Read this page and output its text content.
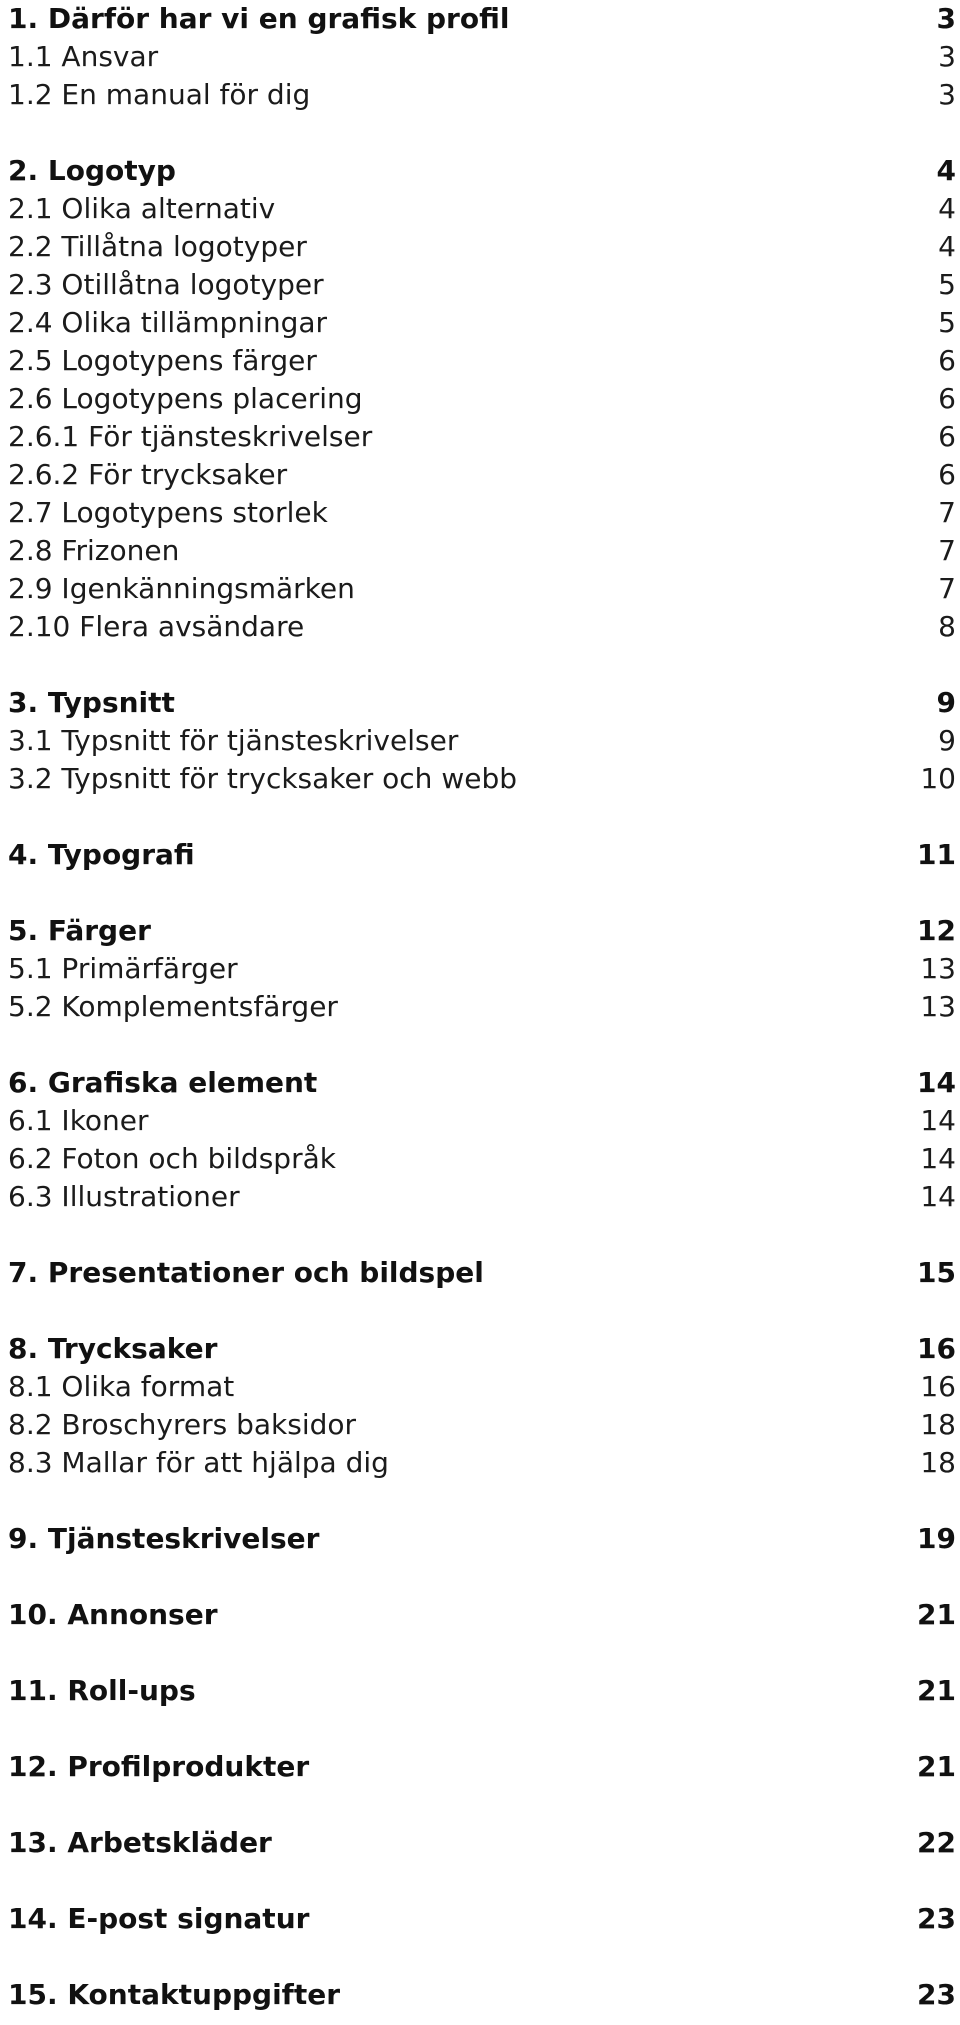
1. Därför har vi en grafisk profil	3
1.1 Ansvar	3
1.2 En manual för dig	3
2. Logotyp	4
2.1 Olika alternativ	4
2.2 Tillåtna logotyper	4
2.3 Otillåtna logotyper	5
2.4 Olika tillämpningar	5
2.5 Logotypens färger	6
2.6 Logotypens placering	6
2.6.1 För tjänsteskrivelser	6
2.6.2 För trycksaker	6
2.7 Logotypens storlek	7
2.8 Frizonen	7
2.9 Igenkänningsmärken	7
2.10 Flera avsändare	8
3. Typsnitt	9
3.1 Typsnitt för tjänsteskrivelser	9
3.2 Typsnitt för trycksaker och webb	10
4. Typografi	11
5. Färger	12
5.1 Primärfärger	13
5.2 Komplementsfärger	13
6. Grafiska element	14
6.1 Ikoner	14
6.2 Foton och bildspråk	14
6.3 Illustrationer	14
7. Presentationer och bildspel	15
8. Trycksaker	16
8.1 Olika format	16
8.2 Broschyrers baksidor	18
8.3 Mallar för att hjälpa dig	18
9. Tjänsteskrivelser	19
10. Annonser	21
11. Roll-ups	21
12. Profilprodukter	21
13. Arbetskläder	22
14. E-post signatur	23
15. Kontaktuppgifter	23
